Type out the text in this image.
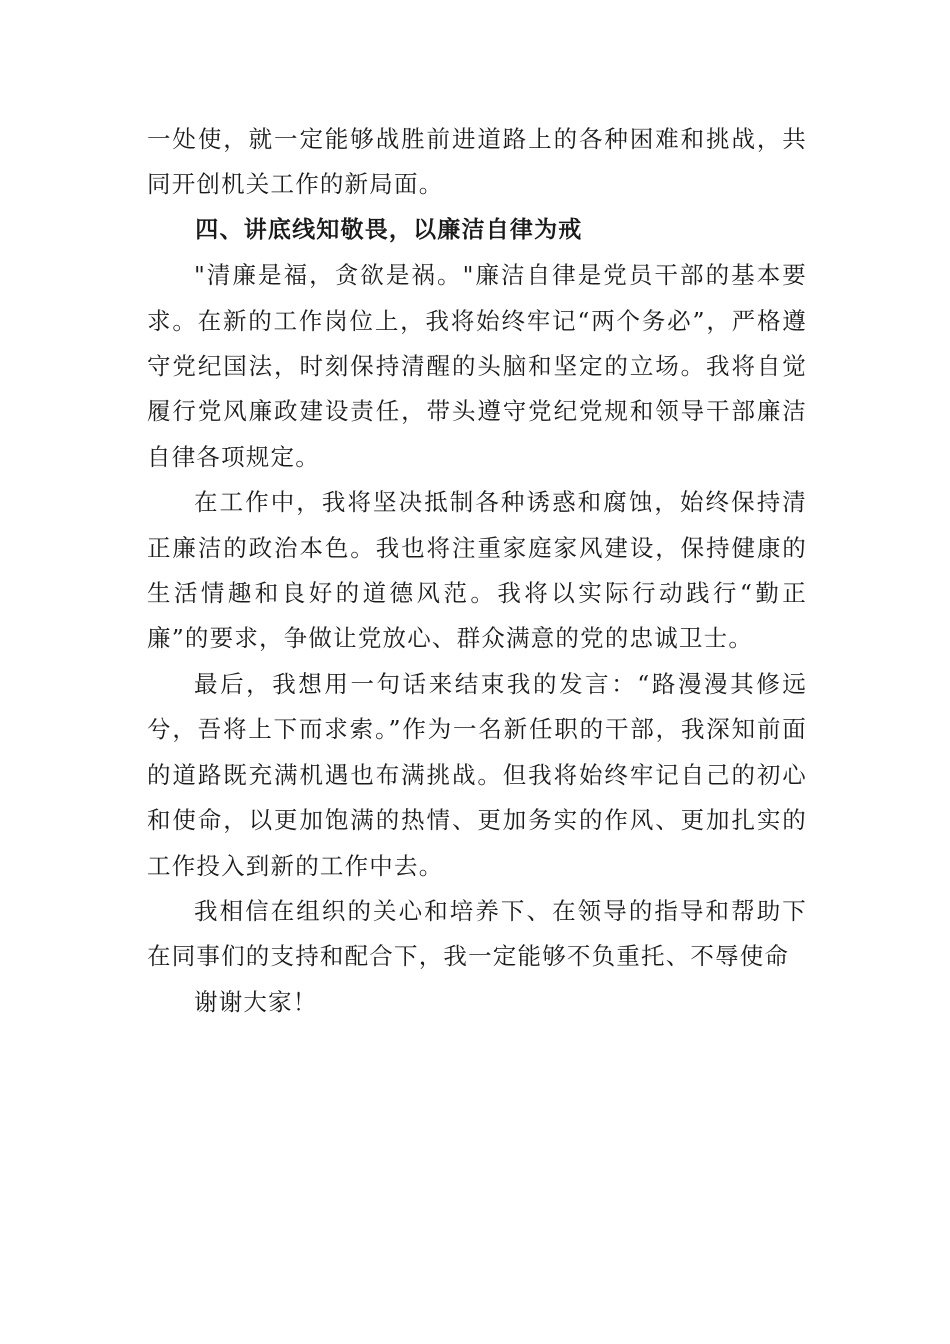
一处使，就一定能够战胜前进道路上的各种困难和挑战，共同开创机关工作的新局面。

四、讲底线知敬畏，以廉洁自律为戒

"清廉是福，贪欲是祸。"廉洁自律是党员干部的基本要求。在新的工作岗位上，我将始终牢记“两个务必”，严格遵守党纪国法，时刻保持清醒的头脑和坚定的立场。我将自觉履行党风廉政建设责任，带头遵守党纪党规和领导干部廉洁自律各项规定。

在工作中，我将坚决抵制各种诱惑和腐蚀，始终保持清正廉洁的政治本色。我也将注重家庭家风建设，保持健康的生活情趣和良好的道德风范。我将以实际行动践行“勤正廉”的要求，争做让党放心、群众满意的党的忠诚卫士。

最后，我想用一句话来结束我的发言：“路漫漫其修远兮，吾将上下而求索。”作为一名新任职的干部，我深知前面的道路既充满机遇也布满挑战。但我将始终牢记自己的初心和使命，以更加饱满的热情、更加务实的作风、更加扎实的工作投入到新的工作中去。

我相信在组织的关心和培养下、在领导的指导和帮助下在同事们的支持和配合下，我一定能够不负重托、不辱使命

谢谢大家！
